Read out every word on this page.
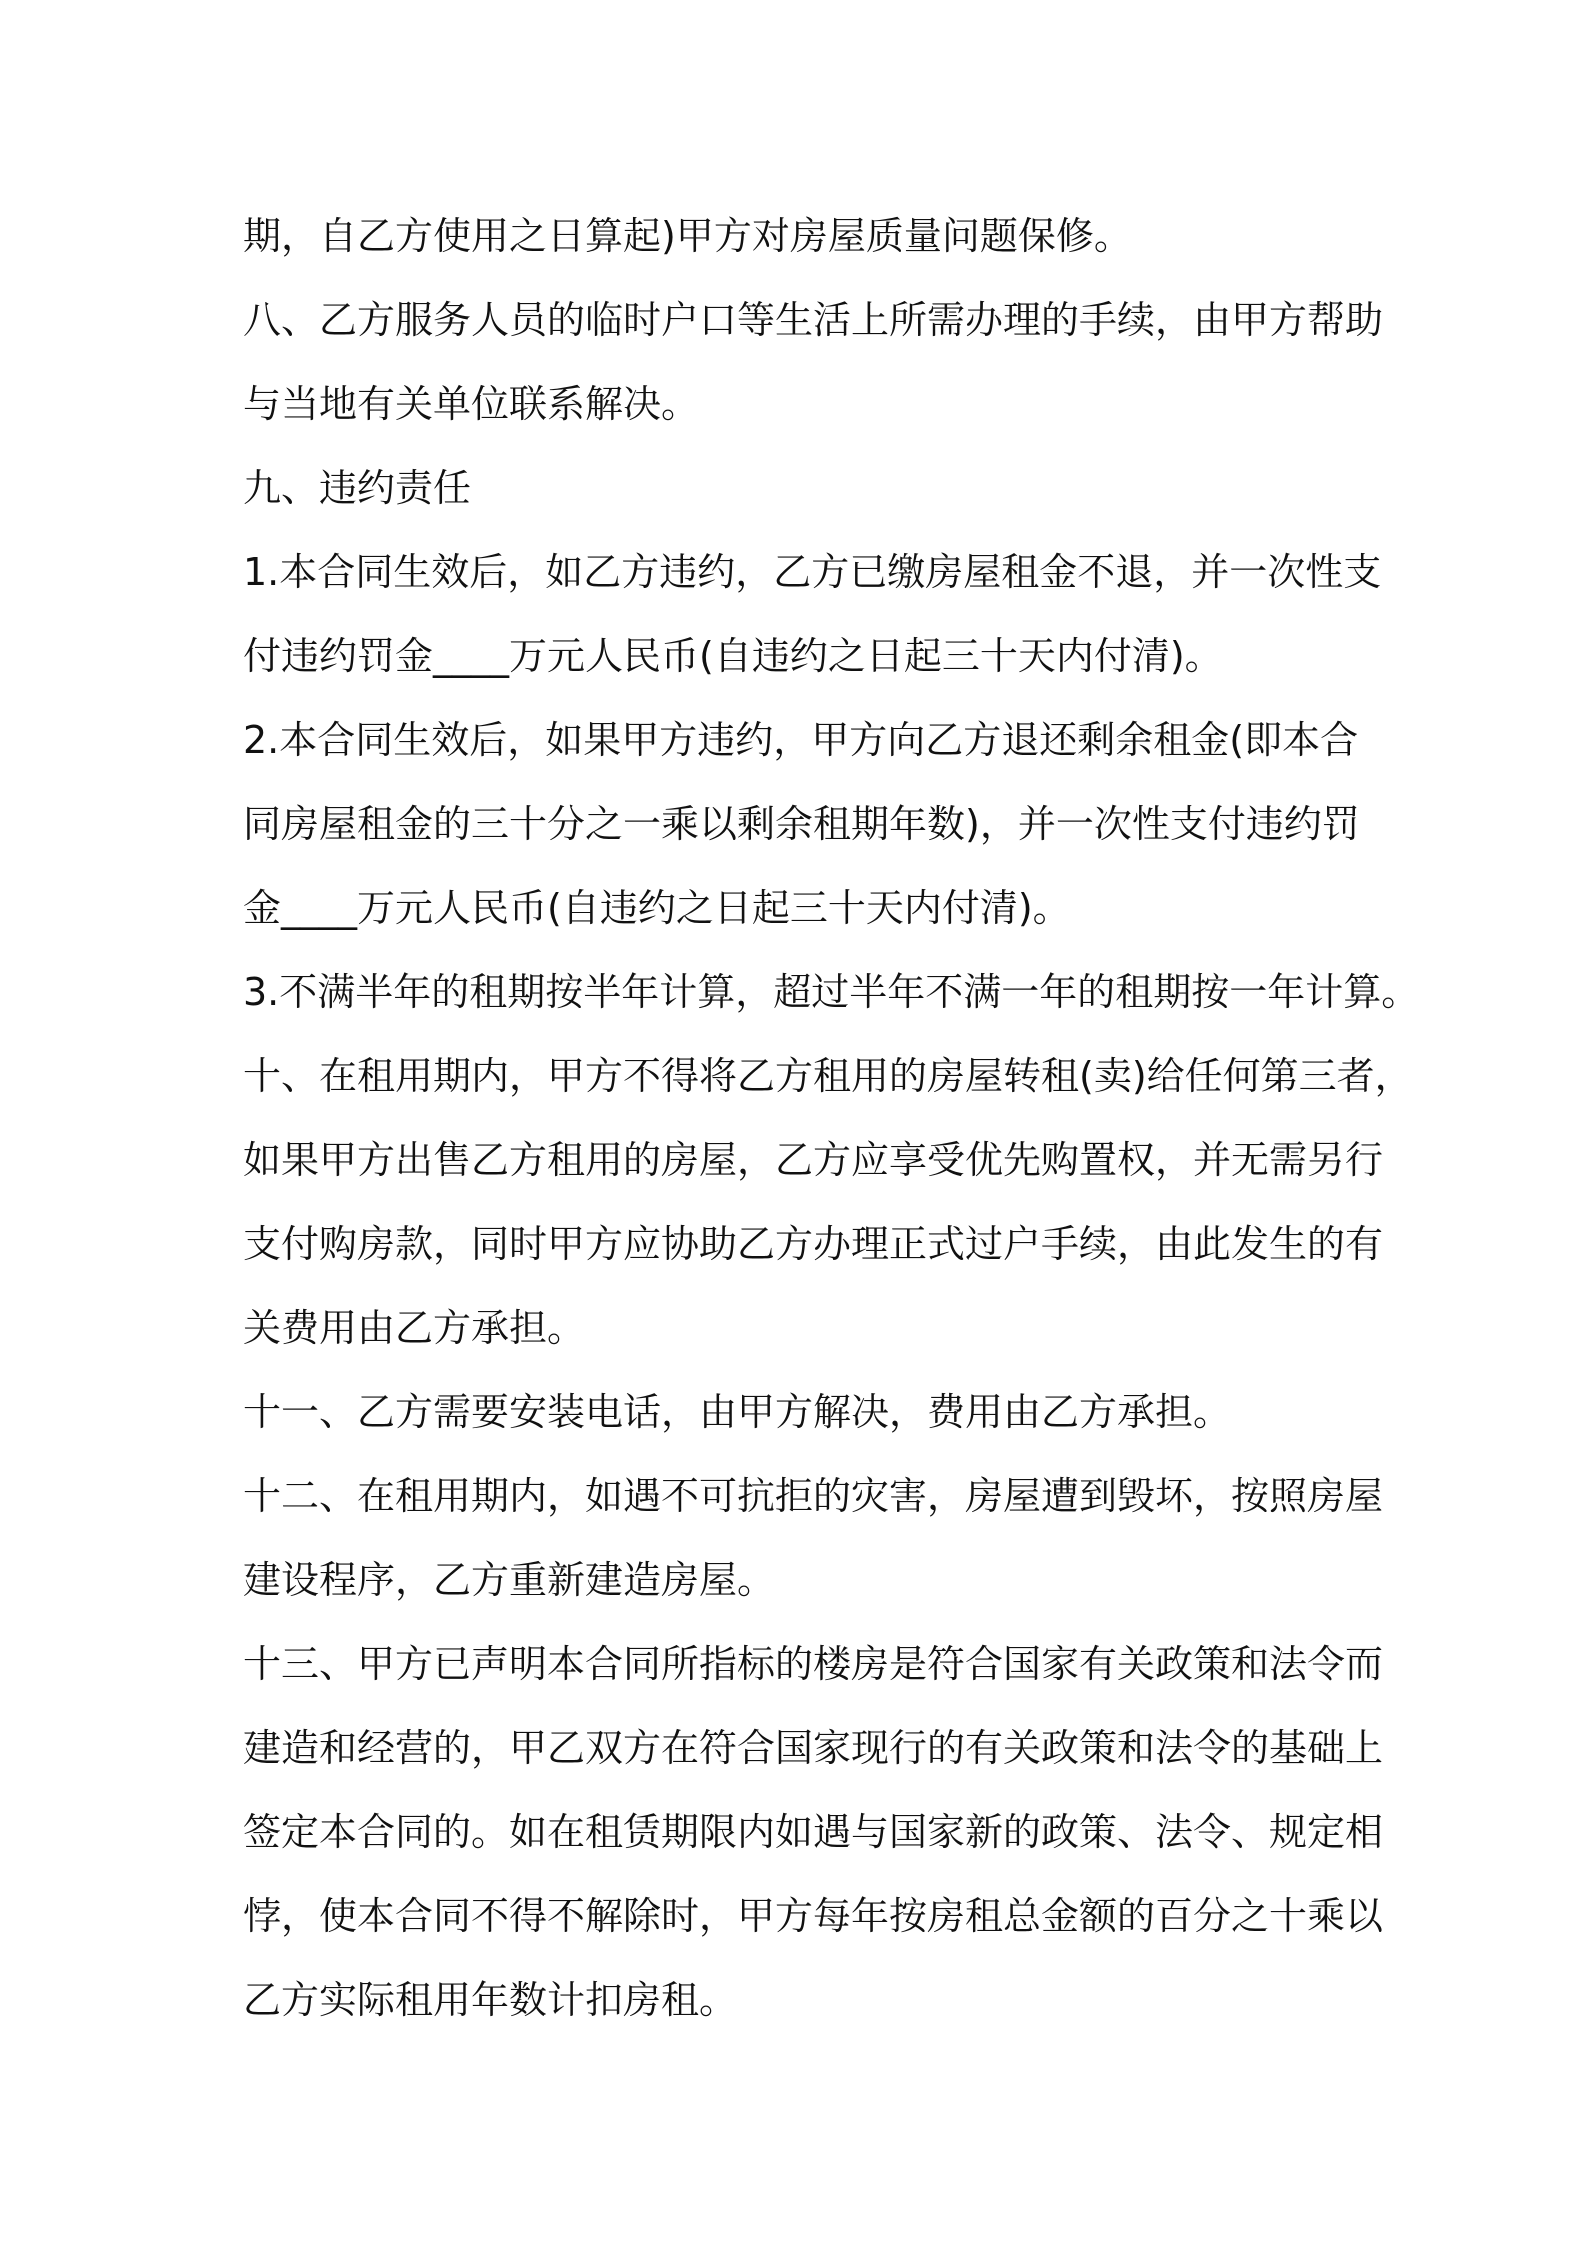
期，自乙方使用之日算起)甲方对房屋质量问题保修。
八、乙方服务人员的临时户口等生活上所需办理的手续，由甲方帮助
与当地有关单位联系解决。
九、违约责任
1.本合同生效后，如乙方违约，乙方已缴房屋租金不退，并一次性支
付违约罚金____万元人民币(自违约之日起三十天内付清)。
2.本合同生效后，如果甲方违约，甲方向乙方退还剩余租金(即本合
同房屋租金的三十分之一乘以剩余租期年数)，并一次性支付违约罚
金____万元人民币(自违约之日起三十天内付清)。
3.不满半年的租期按半年计算，超过半年不满一年的租期按一年计算。
十、在租用期内，甲方不得将乙方租用的房屋转租(卖)给任何第三者，
如果甲方出售乙方租用的房屋，乙方应享受优先购置权，并无需另行
支付购房款，同时甲方应协助乙方办理正式过户手续，由此发生的有
关费用由乙方承担。
十一、乙方需要安装电话，由甲方解决，费用由乙方承担。
十二、在租用期内，如遇不可抗拒的灾害，房屋遭到毁坏，按照房屋
建设程序，乙方重新建造房屋。
十三、甲方已声明本合同所指标的楼房是符合国家有关政策和法令而
建造和经营的，甲乙双方在符合国家现行的有关政策和法令的基础上
签定本合同的。如在租赁期限内如遇与国家新的政策、法令、规定相
悖，使本合同不得不解除时，甲方每年按房租总金额的百分之十乘以
乙方实际租用年数计扣房租。
